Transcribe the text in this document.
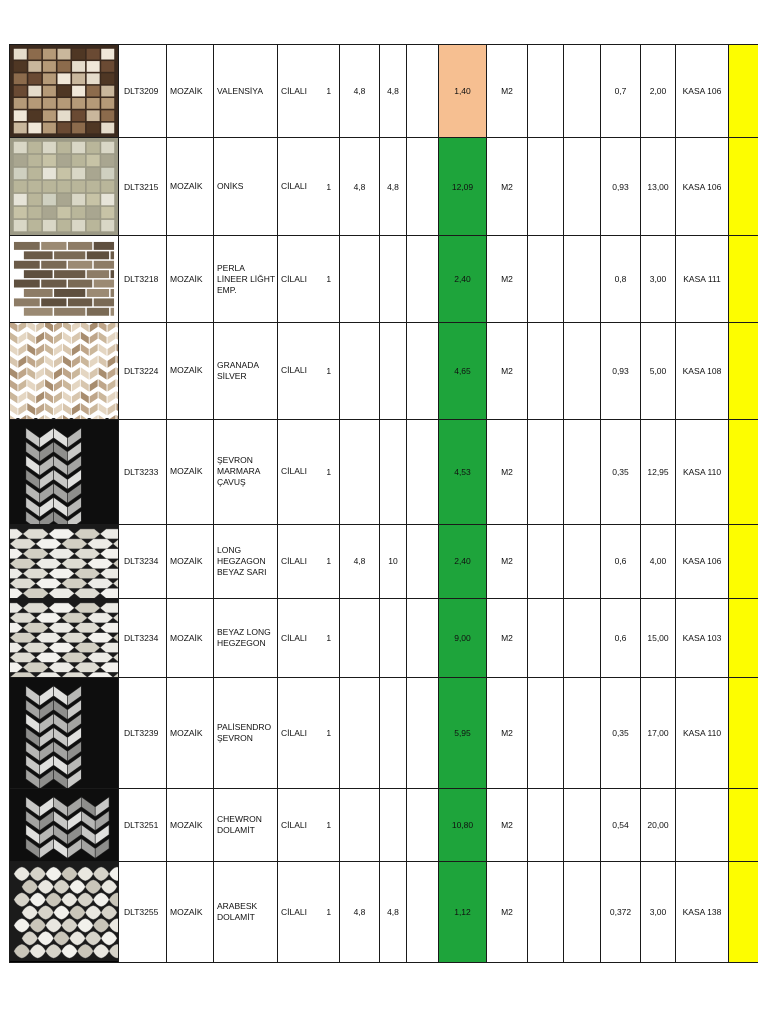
	DLT3209	MOZAİK	VALENSİYA	CİLALI	1	4,8	4,8		1,40	M2			0,7	2,00	KASA 106	

	DLT3215	MOZAİK	ONİKS	CİLALI	1	4,8	4,8		12,09	M2			0,93	13,00	KASA 106	

	DLT3218	MOZAİK	PERLA LİNEER LİĞHT EMP.	CİLALI	1				2,40	M2			0,8	3,00	KASA 111	

	DLT3224	MOZAİK	GRANADA SİLVER	CİLALI	1				4,65	M2			0,93	5,00	KASA 108	

	DLT3233	MOZAİK	ŞEVRON MARMARA ÇAVUŞ	CİLALI	1				4,53	M2			0,35	12,95	KASA 110	

	DLT3234	MOZAİK	LONG HEGZAGON BEYAZ SARI	CİLALI	1	4,8	10		2,40	M2			0,6	4,00	KASA 106	

	DLT3234	MOZAİK	BEYAZ LONG HEGZEGON	CİLALI	1				9,00	M2			0,6	15,00	KASA 103	

	DLT3239	MOZAİK	PALİSENDRO ŞEVRON	CİLALI	1				5,95	M2			0,35	17,00	KASA 110	

	DLT3251	MOZAİK	CHEWRON DOLAMİT	CİLALI	1				10,80	M2			0,54	20,00		

	DLT3255	MOZAİK	ARABESK DOLAMİT	CİLALI	1	4,8	4,8		1,12	M2			0,372	3,00	KASA 138	
